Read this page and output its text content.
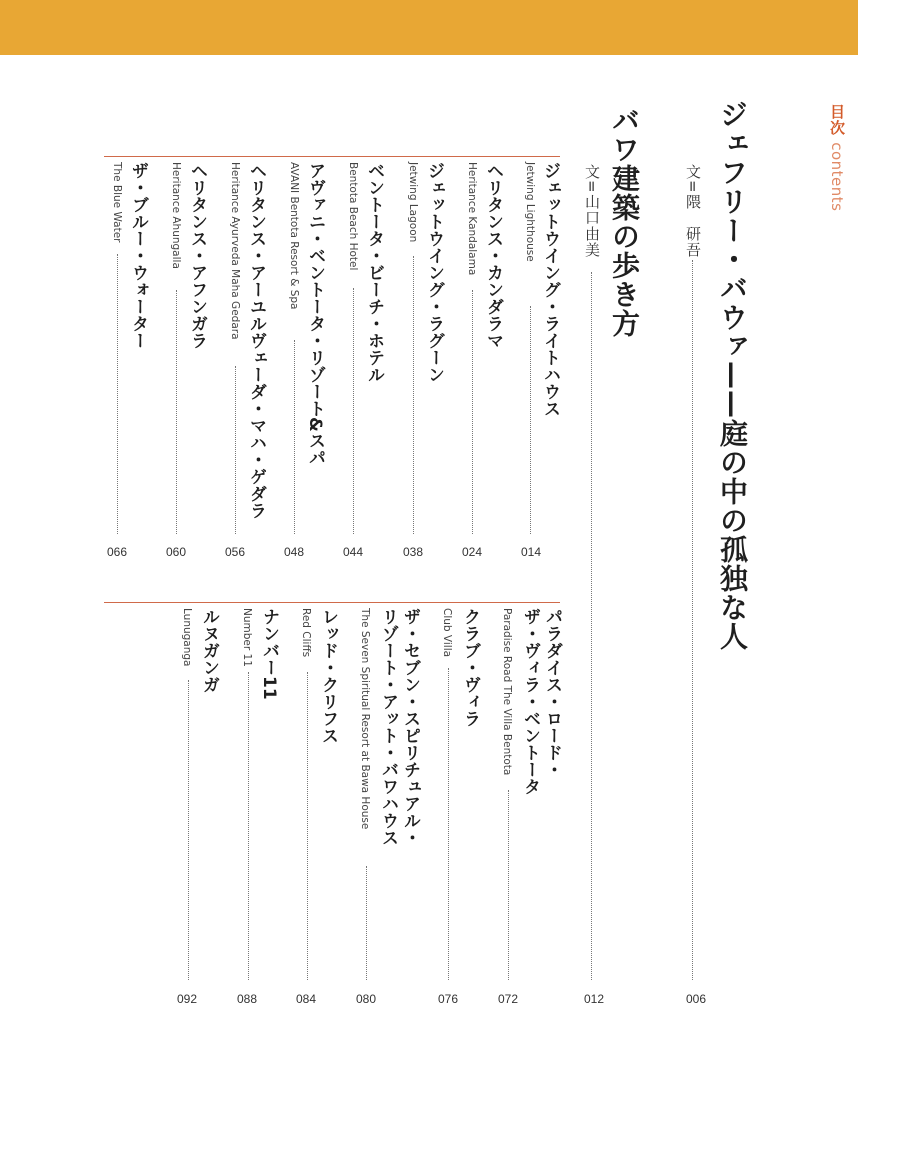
目次 contents
ジェフリー・バウァ——庭の中の孤独な人
文=隈　研吾
006
バワ建築の歩き方
文=山口由美
012
ジェットウイング・ライトハウス
Jetwing Lighthouse
014
ヘリタンス・カンダラマ
Heritance Kandalama
024
ジェットウイング・ラグーン
Jetwing Lagoon
038
ベントータ・ビーチ・ホテル
Bentota Beach Hotel
044
アヴァニ・ベントータ・リゾート&スパ
AVANI Bentota Resort & Spa
048
ヘリタンス・アーユルヴェーダ・マハ・ゲダラ
Heritance Ayurveda Maha Gedara
056
ヘリタンス・アフンガラ
Heritance Ahungalla
060
ザ・ブルー・ウォーター
The Blue Water
066
パラダイス・ロード・
ザ・ヴィラ・ベントータ
Paradise Road The Villa Bentota
072
クラブ・ヴィラ
Club Villa
076
ザ・セブン・スピリチュアル・
リゾート・アット・バワハウス
The Seven Spiritual Resort at Bawa House
080
レッド・クリフス
Red Cliffs
084
ナンバー11
Number 11
088
ルヌガンガ
Lunuganga
092
